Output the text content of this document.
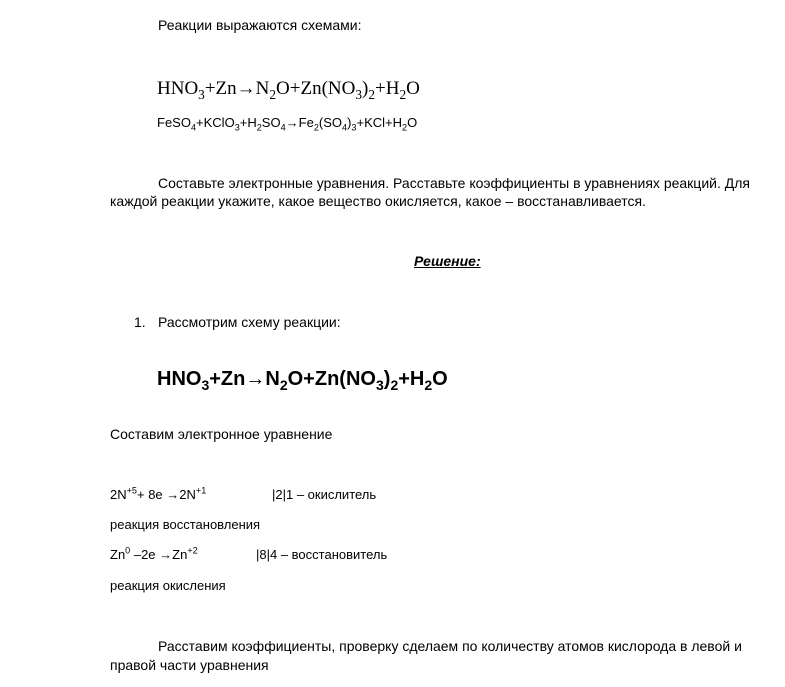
Реакции выражаются схемами:
$HNO_3+Zn\to N_2O+Zn(NO_3)_2+H_2O$
$FeSO_4+KClO_3+H_2SO_4\to Fe_2(SO_4)_3+KCl+H_2O$
Составьте электронные уравнения. Расставьте коэффициенты в уравнениях реакций. Для
каждой реакции укажите, какое вещество окисляется, какое – восстанавливается.
Решение:
1. Рассмотрим схему реакции:
$HNO_3+Zn\to N_2O+Zn(NO_3)_2+H_2O$
Составим электронное уравнение
$2N^{+5}+ 8e \to 2N^{+1}$	|2|1 – окислитель
реакция восстановления
Zn$^0$ $-2e \to Zn^{+2}$	|8|4 – восстановитель
реакция окисления
Расставим коэффициенты, проверку сделаем по количеству атомов кислорода в левой и
правой части уравнения
